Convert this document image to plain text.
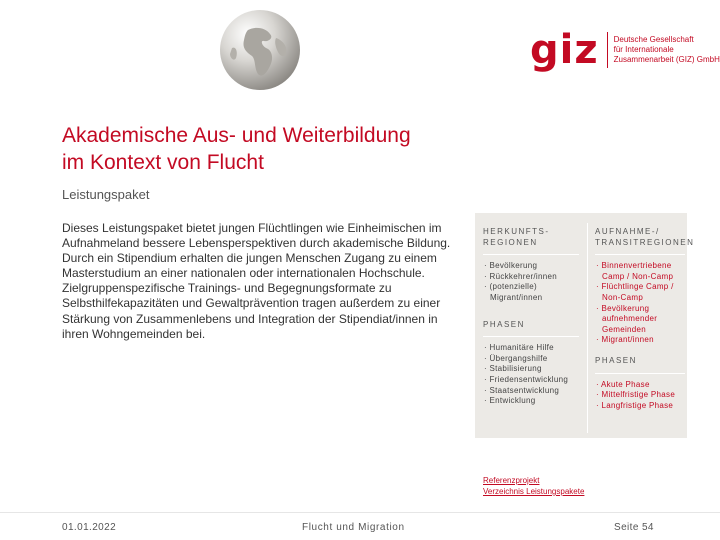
giz Deutsche Gesellschaft
für Internationale
Zusammenarbeit (GIZ) GmbH
Akademische Aus- und Weiterbildung
im Kontext von Flucht
Leistungspaket

Dieses Leistungspaket bietet jungen Flüchtlingen wie Einheimischen im Aufnahmeland bessere Lebensperspektiven durch akademische Bildung. Durch ein Stipendium erhalten die jungen Menschen Zugang zu einem Masterstudium an einer nationalen oder internationalen Hochschule. Zielgruppenspezifische Trainings- und Begegnungsformate zu Selbsthilfekapazitäten und Gewaltprävention tragen außerdem zu einer Stärkung von Zusammenlebens und Integration der Stipendiat/innen in ihren Wohngemeinden bei.

HERKUNFTS-
REGIONEN
· Bevölkerung
· Rückkehrer/innen
· (potenzielle) Migrant/innen
PHASEN
· Humanitäre Hilfe
· Übergangshilfe
· Stabilisierung
· Friedensentwicklung
· Staatsentwicklung
· Entwicklung
AUFNAHME-/
TRANSITREGIONEN
· Binnenvertriebene Camp / Non-Camp
· Flüchtlinge Camp / Non-Camp
· Bevölkerung aufnehmender Gemeinden
· Migrant/innen
PHASEN
· Akute Phase
· Mittelfristige Phase
· Langfristige Phase
Referenzprojekt
Verzeichnis Leistungspakete
01.01.2022	Flucht und Migration	Seite 54
